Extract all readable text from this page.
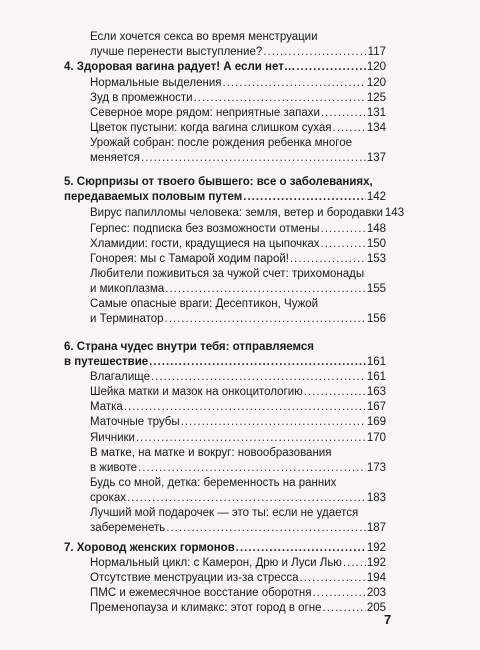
Если хочется секса во время менструации
лучше перенести выступление? .....	117
4. Здоровая вагина радует! А если нет… .....	120
Нормальные выделения .....	120
Зуд в промежности .....	125
Северное море рядом: неприятные запахи .....	131
Цветок пустыни: когда вагина слишком сухая .....	134
Урожай собран: после рождения ребенка многое
меняется .....	137
5. Сюрпризы от твоего бывшего: все о заболеваниях,
передаваемых половым путем .....	142
Вирус папилломы человека: земля, ветер и бородавки 143
Герпес: подписка без возможности отмены .....	148
Хламидии: гости, крадущиеся на цыпочках .....	150
Гонорея: мы с Тамарой ходим парой! .....	153
Любители поживиться за чужой счет: трихомонады
и микоплазма .....	155
Самые опасные враги: Десептикон, Чужой
и Терминатор .....	156
6. Страна чудес внутри тебя: отправляемся
в путешествие .....	161
Влагалище .....	161
Шейка матки и мазок на онкоцитологию .....	163
Матка .....	167
Маточные трубы .....	169
Яичники .....	170
В матке, на матке и вокруг: новообразования
в животе .....	173
Будь со мной, детка: беременность на ранних
сроках .....	183
Лучший мой подарочек — это ты: если не удается
забеременеть .....	187
7. Хоровод женских гормонов .....	192
Нормальный цикл: с Камерон, Дрю и Луси Лью ..... 192
Отсутствие менструации из-за стресса .....	194
ПМС и ежемесячное восстание оборотня .....	203
Пременопауза и климакс: этот город в огне .....	205
7
